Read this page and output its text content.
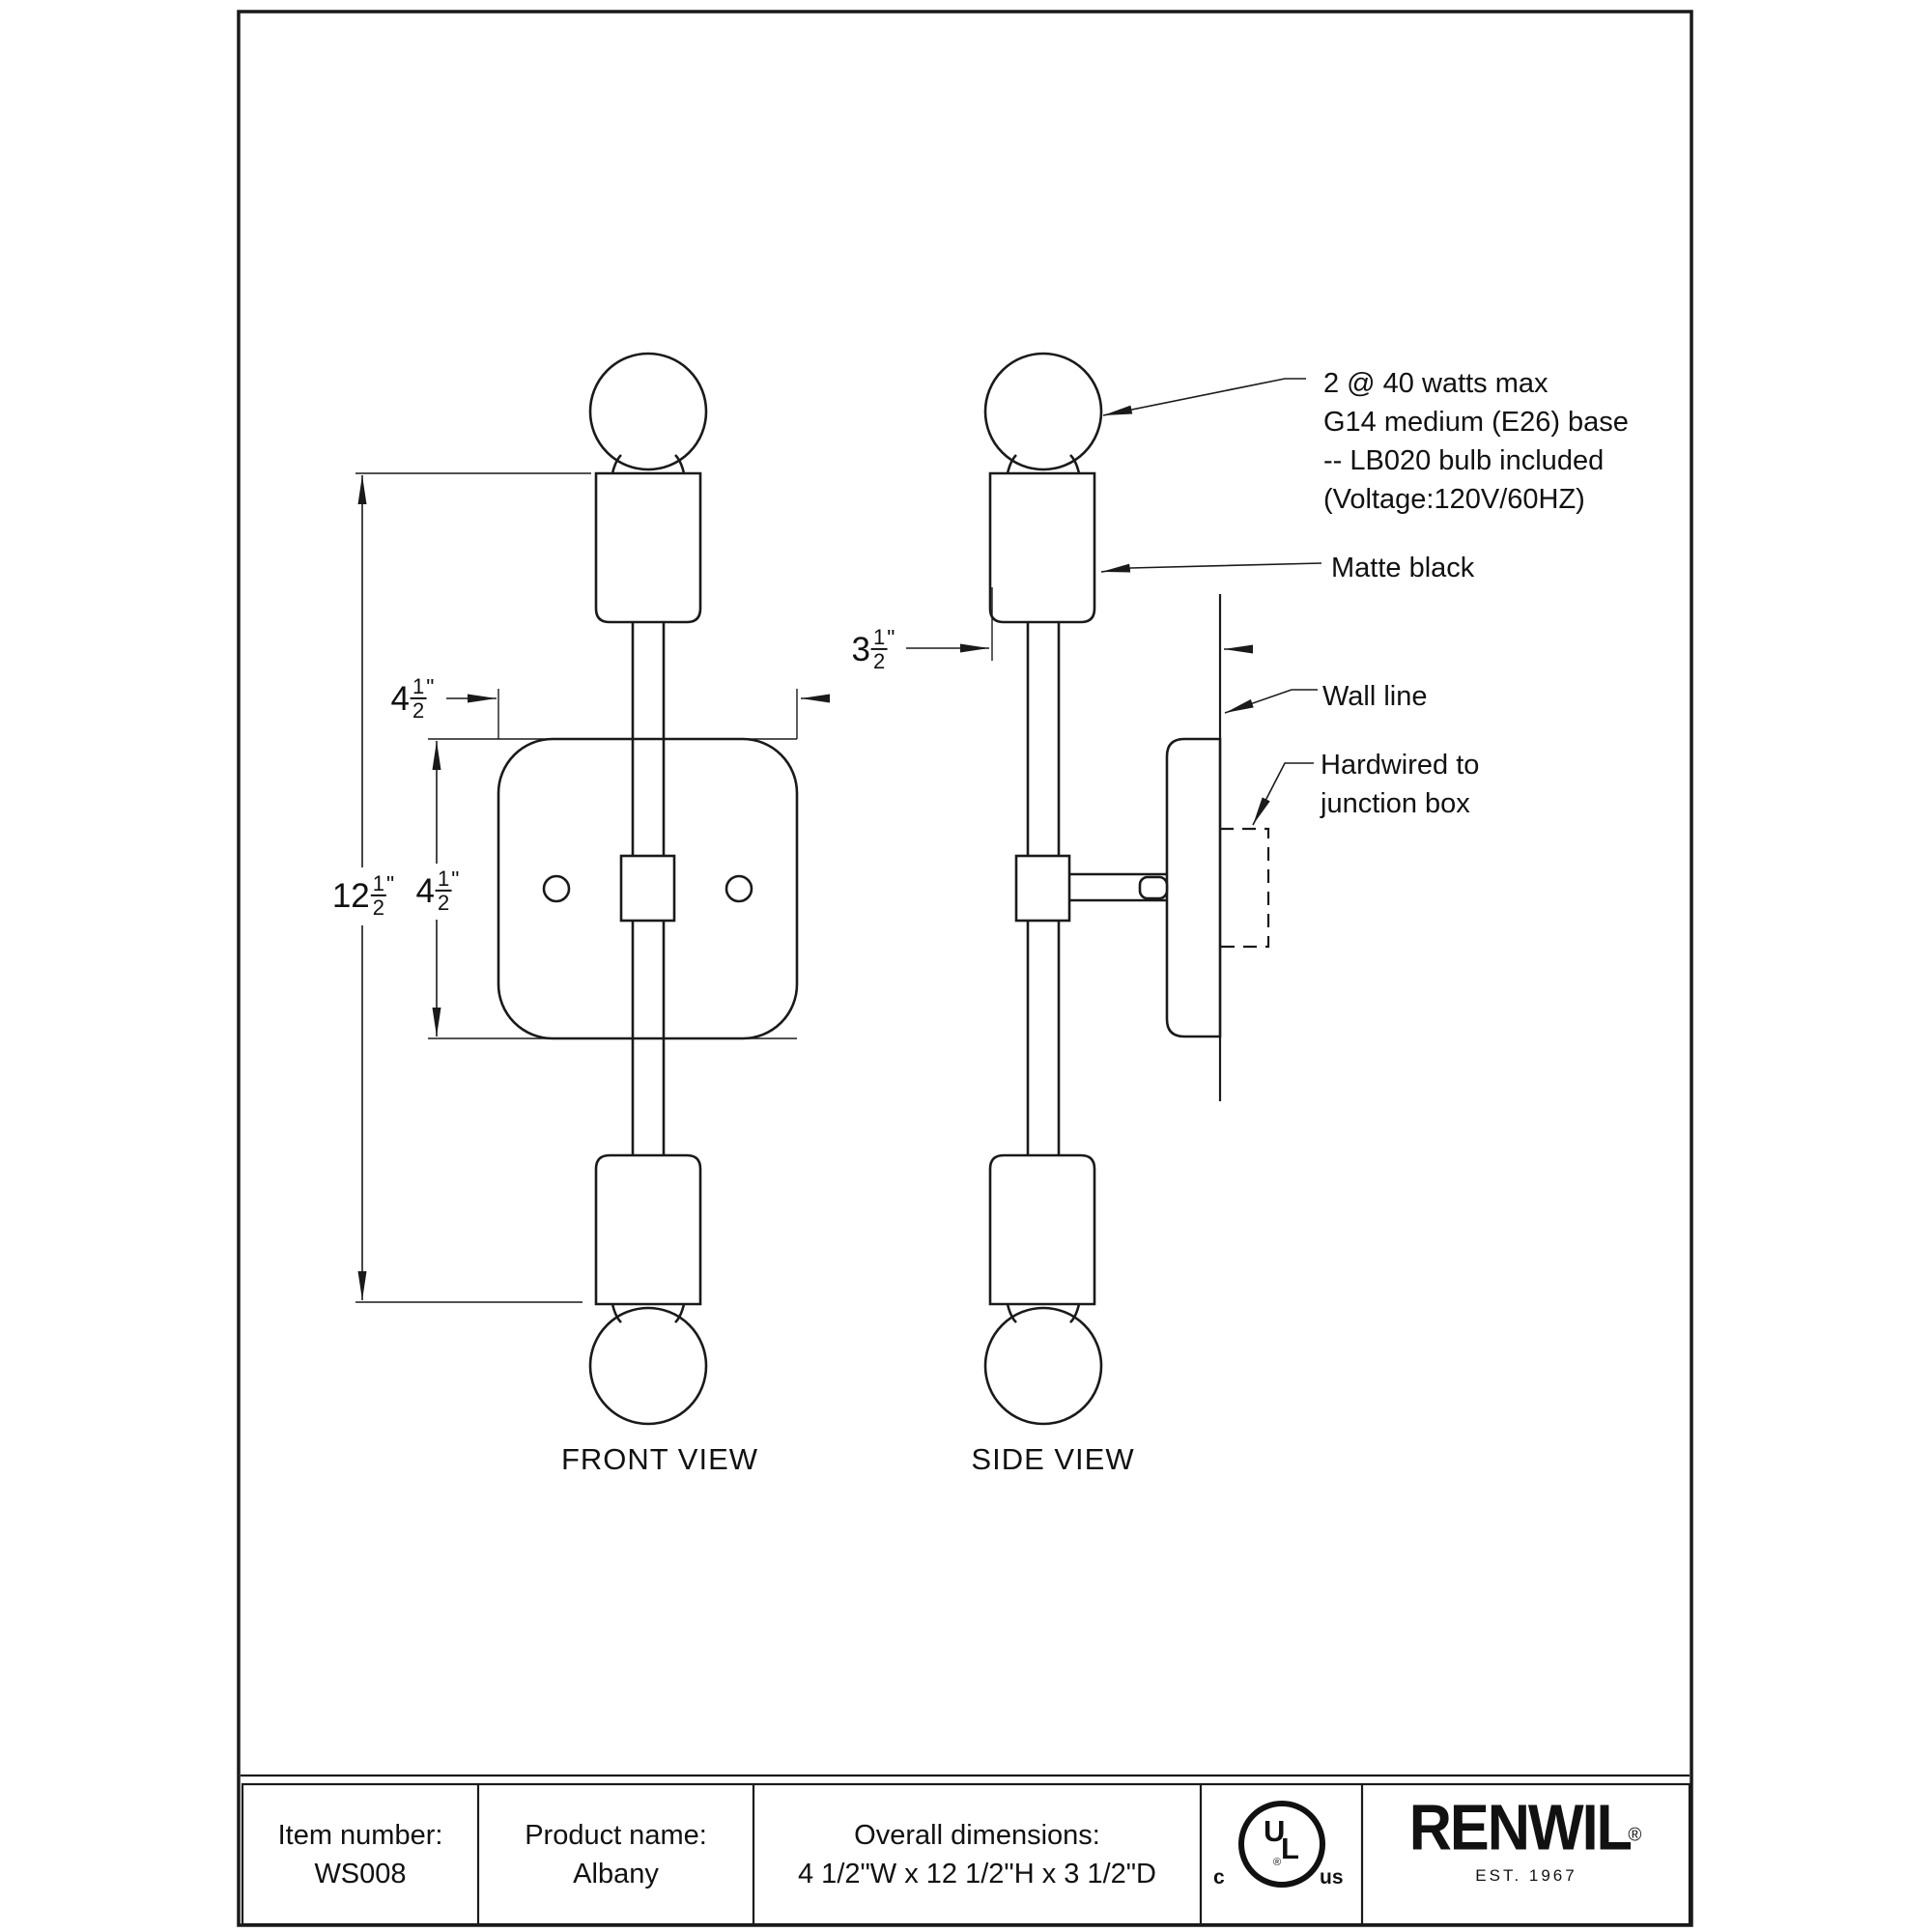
2 @ 40 watts max
G14 medium (E26) base
-- LB020 bulb included
(Voltage:120V/60HZ)
Matte black
Wall line
Hardwired to
junction box
$4 \frac{1}{2}$ "
$12 \frac{1}{2}$ " $4 \frac{1}{2}$ "
$3 \frac{1}{2}$ "
FRONT VIEW	SIDE VIEW
Item number:
WS008
Product name:
Albany
Overall dimensions:
4 1/2"W x 12 1/2"H x 3 1/2"D	c
U
L
®
us
RENWIL®
EST. 1967
